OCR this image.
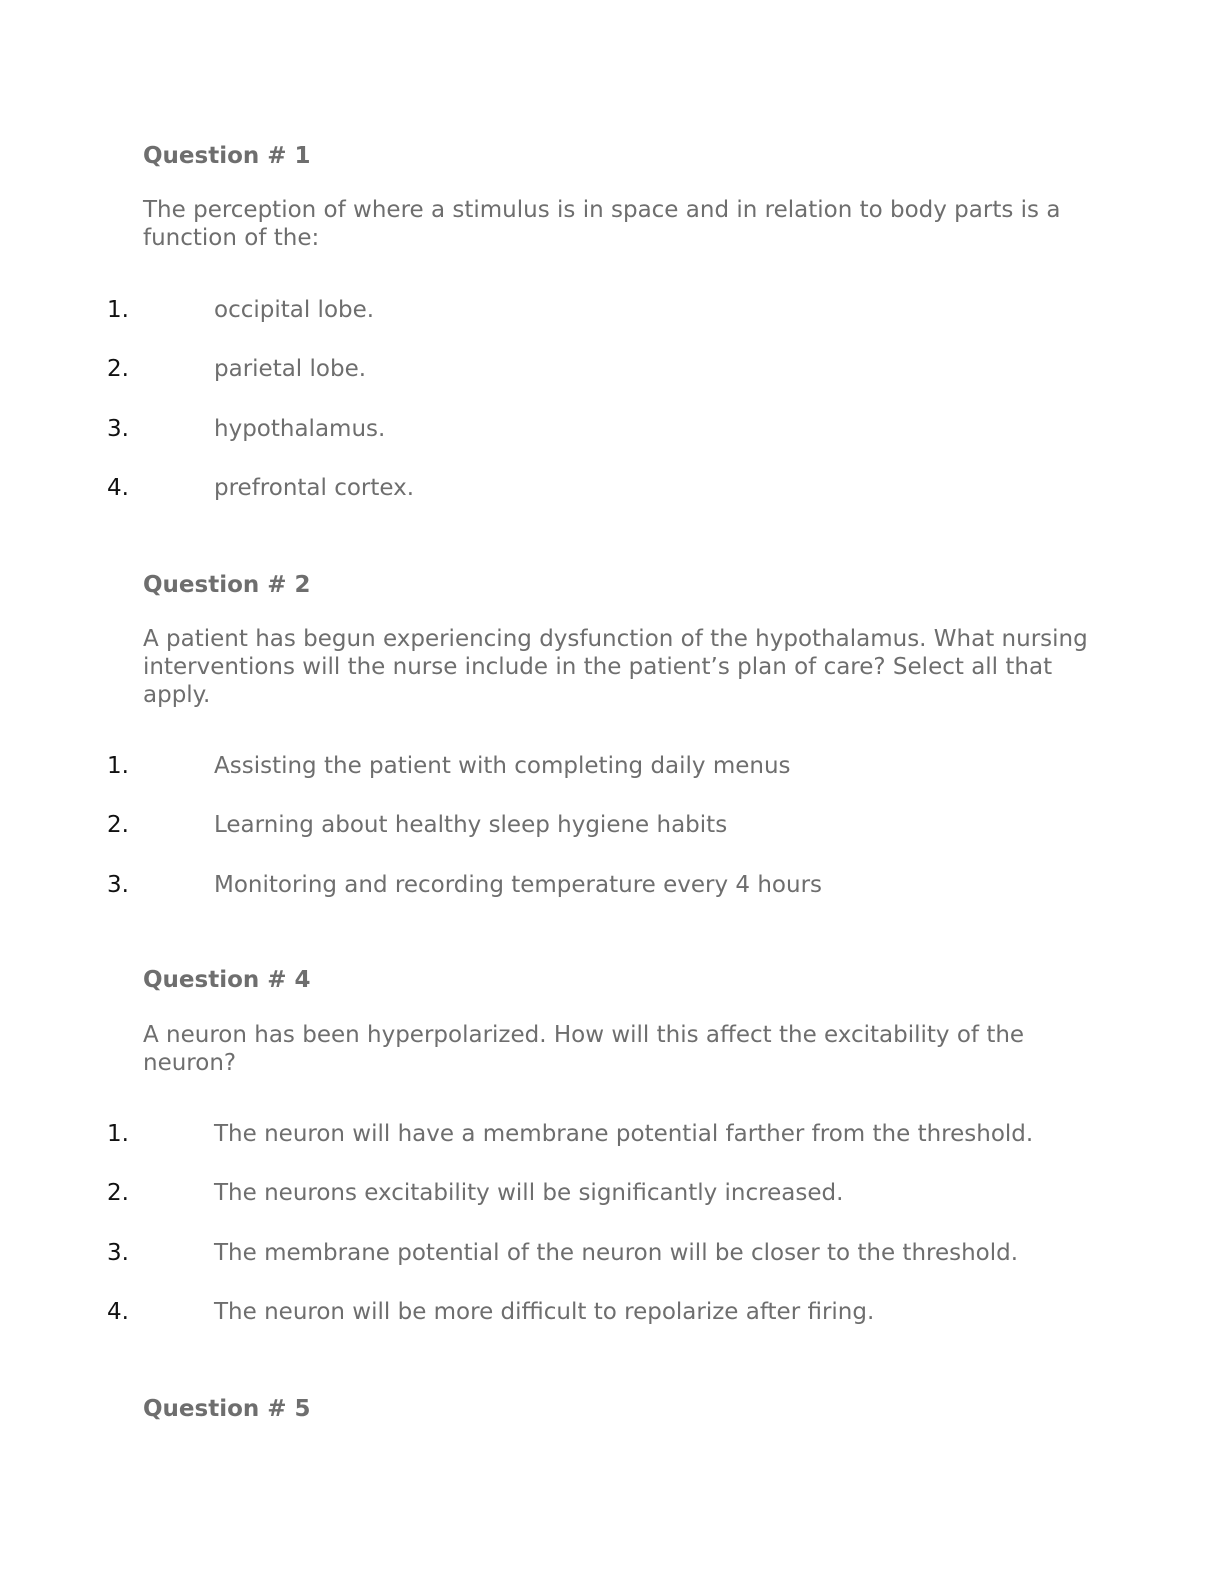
Question # 1

The perception of where a stimulus is in space and in relation to body parts is a function of the:

1.	occipital lobe.
2.	parietal lobe.
3.	hypothalamus.
4.	prefrontal cortex.
Question # 2

A patient has begun experiencing dysfunction of the hypothalamus. What nursing interventions will the nurse include in the patient’s plan of care? Select all that apply.

1.	Assisting the patient with completing daily menus
2.	Learning about healthy sleep hygiene habits
3.	Monitoring and recording temperature every 4 hours
Question # 4

A neuron has been hyperpolarized. How will this affect the excitability of the neuron?

1.	The neuron will have a membrane potential farther from the threshold.
2.	The neurons excitability will be significantly increased.
3.	The membrane potential of the neuron will be closer to the threshold.
4.	The neuron will be more difficult to repolarize after firing.
Question # 5
